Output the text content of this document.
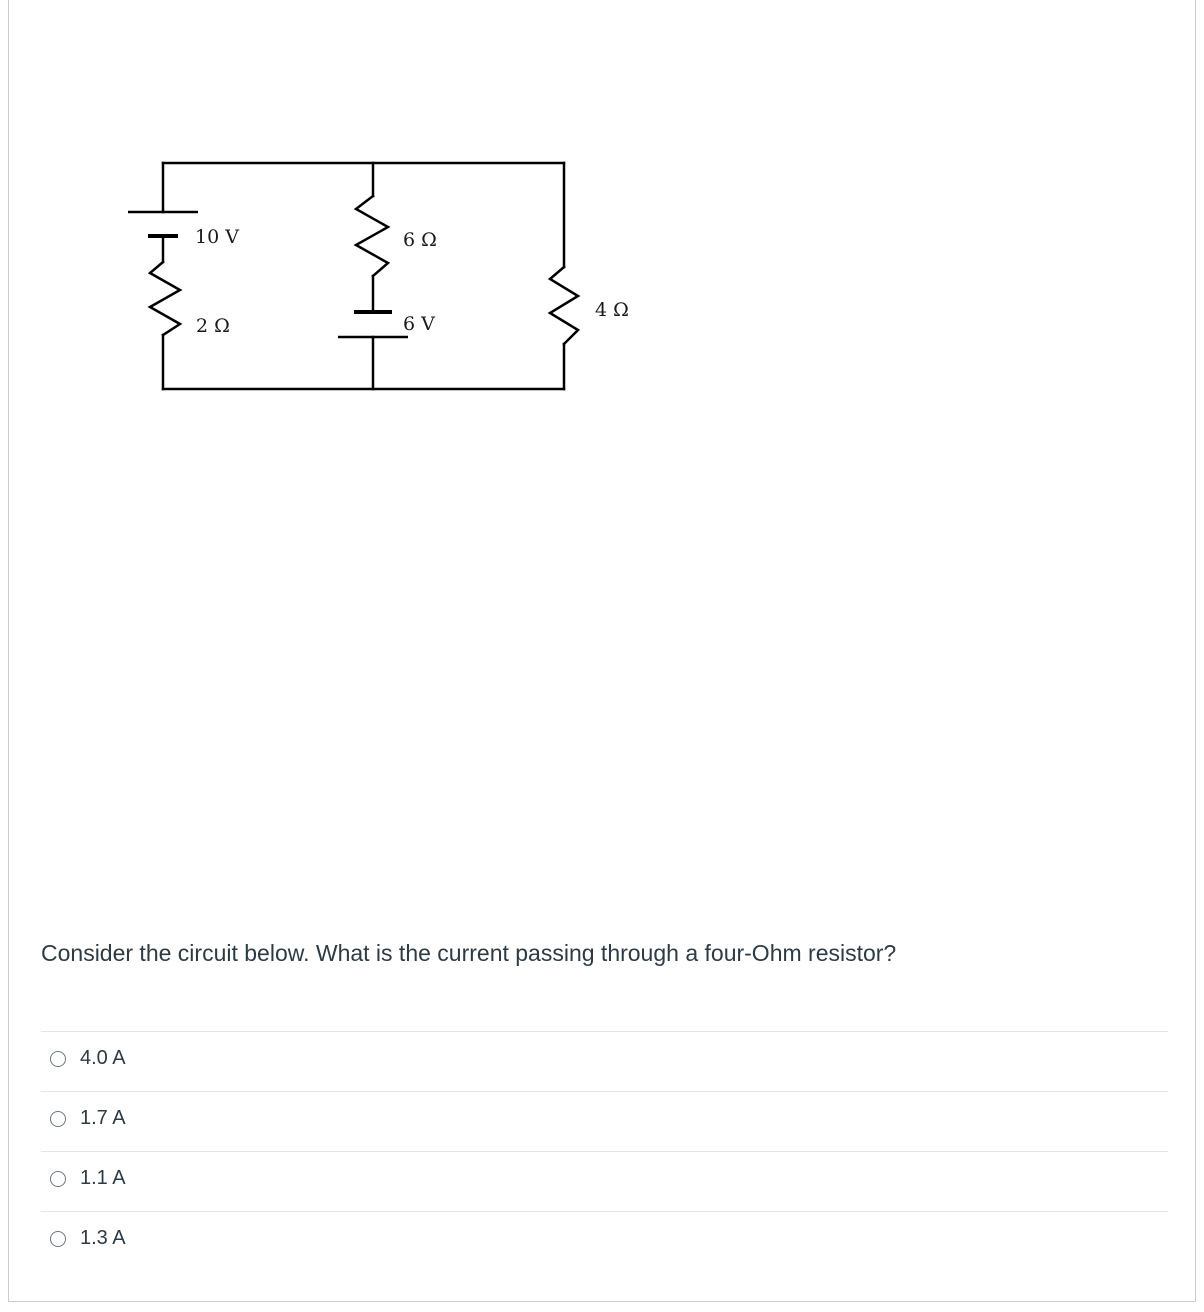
10 V
2 Ω
6 Ω
6 V
4 Ω
Consider the circuit below. What is the current passing through a four-Ohm resistor?
4.0 A
1.7 A
1.1 A
1.3 A
